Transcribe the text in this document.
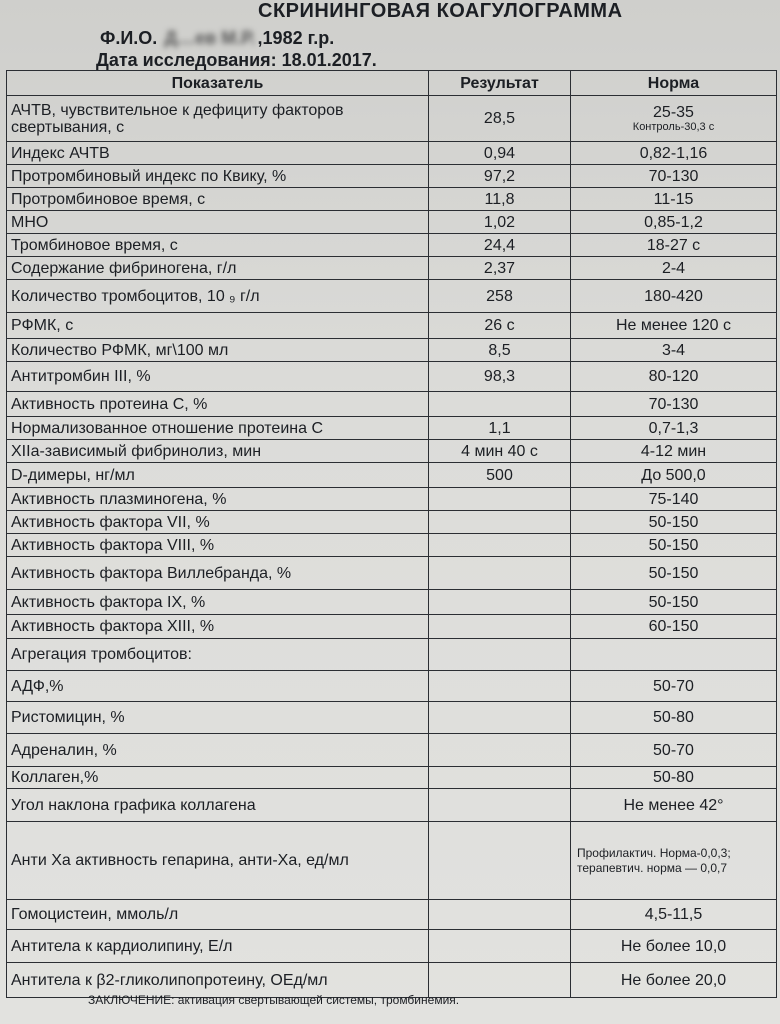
СКРИНИНГОВАЯ КОАГУЛОГРАММА
Ф.И.О. Д…ев М.Р. ,1982 г.р.
Дата исследования: 18.01.2017.
Показатель	Результат	Норма
АЧТВ, чувствительное к дефициту факторов свертывания, с	28,5	25-35
Контроль-30,3 с

Индекс АЧТВ	0,94	0,82-1,16
Протромбиновый индекс по Квику, %	97,2	70-130
Протромбиновое время, с	11,8	11-15
МНО	1,02	0,85-1,2
Тромбиновое время, с	24,4	18-27 с
Содержание фибриногена, г/л	2,37	2-4
Количество тромбоцитов, 10 ₉ г/л	258	180-420
РФМК, с	26 с	Не менее 120 с
Количество РФМК, мг\100 мл	8,5	3-4
Антитромбин III, %	98,3	80-120
Активность протеина С, %		70-130
Нормализованное отношение протеина С	1,1	0,7-1,3
XIIа-зависимый фибринолиз, мин	4 мин 40 с	4-12 мин
D-димеры, нг/мл	500	До 500,0
Активность плазминогена, %		75-140
Активность фактора VII, %		50-150
Активность фактора VIII, %		50-150
Активность фактора Виллебранда, %		50-150
Активность фактора IX, %		50-150
Активность фактора XIII, %		60-150
Агрегация тромбоцитов:		
АДФ,%		50-70
Ристомицин, %		50-80
Адреналин, %		50-70
Коллаген,%		50-80
Угол наклона графика коллагена		Не менее 42°
Анти Ха активность гепарина, анти-Ха, ед/мл		Профилактич. Норма-0,0,3; терапевтич. норма — 0,0,7
Гомоцистеин, ммоль/л		4,5-11,5
Антитела к кардиолипину, Е/л		Не более 10,0
Антитела к β2-гликолипопротеину, ОЕд/мл		Не более 20,0
ЗАКЛЮЧЕНИЕ: активация свертывающей системы, тромбинемия.
